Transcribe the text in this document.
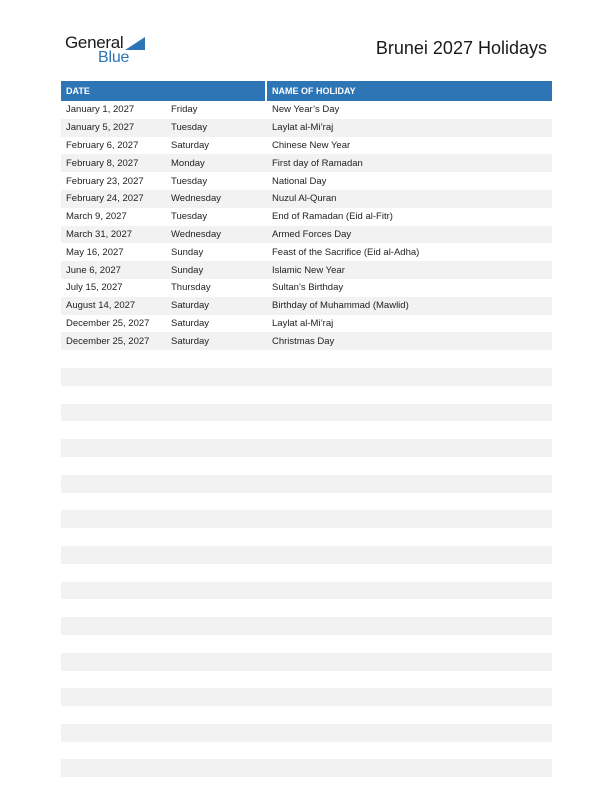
General
Blue	Brunei 2027 Holidays
DATE		NAME OF HOLIDAY
January 1, 2027	Friday	New Year’s Day
January 5, 2027	Tuesday	Laylat al-Mi’raj
February 6, 2027	Saturday	Chinese New Year
February 8, 2027	Monday	First day of Ramadan
February 23, 2027	Tuesday	National Day
February 24, 2027	Wednesday	Nuzul Al-Quran
March 9, 2027	Tuesday	End of Ramadan (Eid al-Fitr)
March 31, 2027	Wednesday	Armed Forces Day
May 16, 2027	Sunday	Feast of the Sacrifice (Eid al-Adha)
June 6, 2027	Sunday	Islamic New Year
July 15, 2027	Thursday	Sultan’s Birthday
August 14, 2027	Saturday	Birthday of Muhammad (Mawlid)
December 25, 2027	Saturday	Laylat al-Mi’raj
December 25, 2027	Saturday	Christmas Day
